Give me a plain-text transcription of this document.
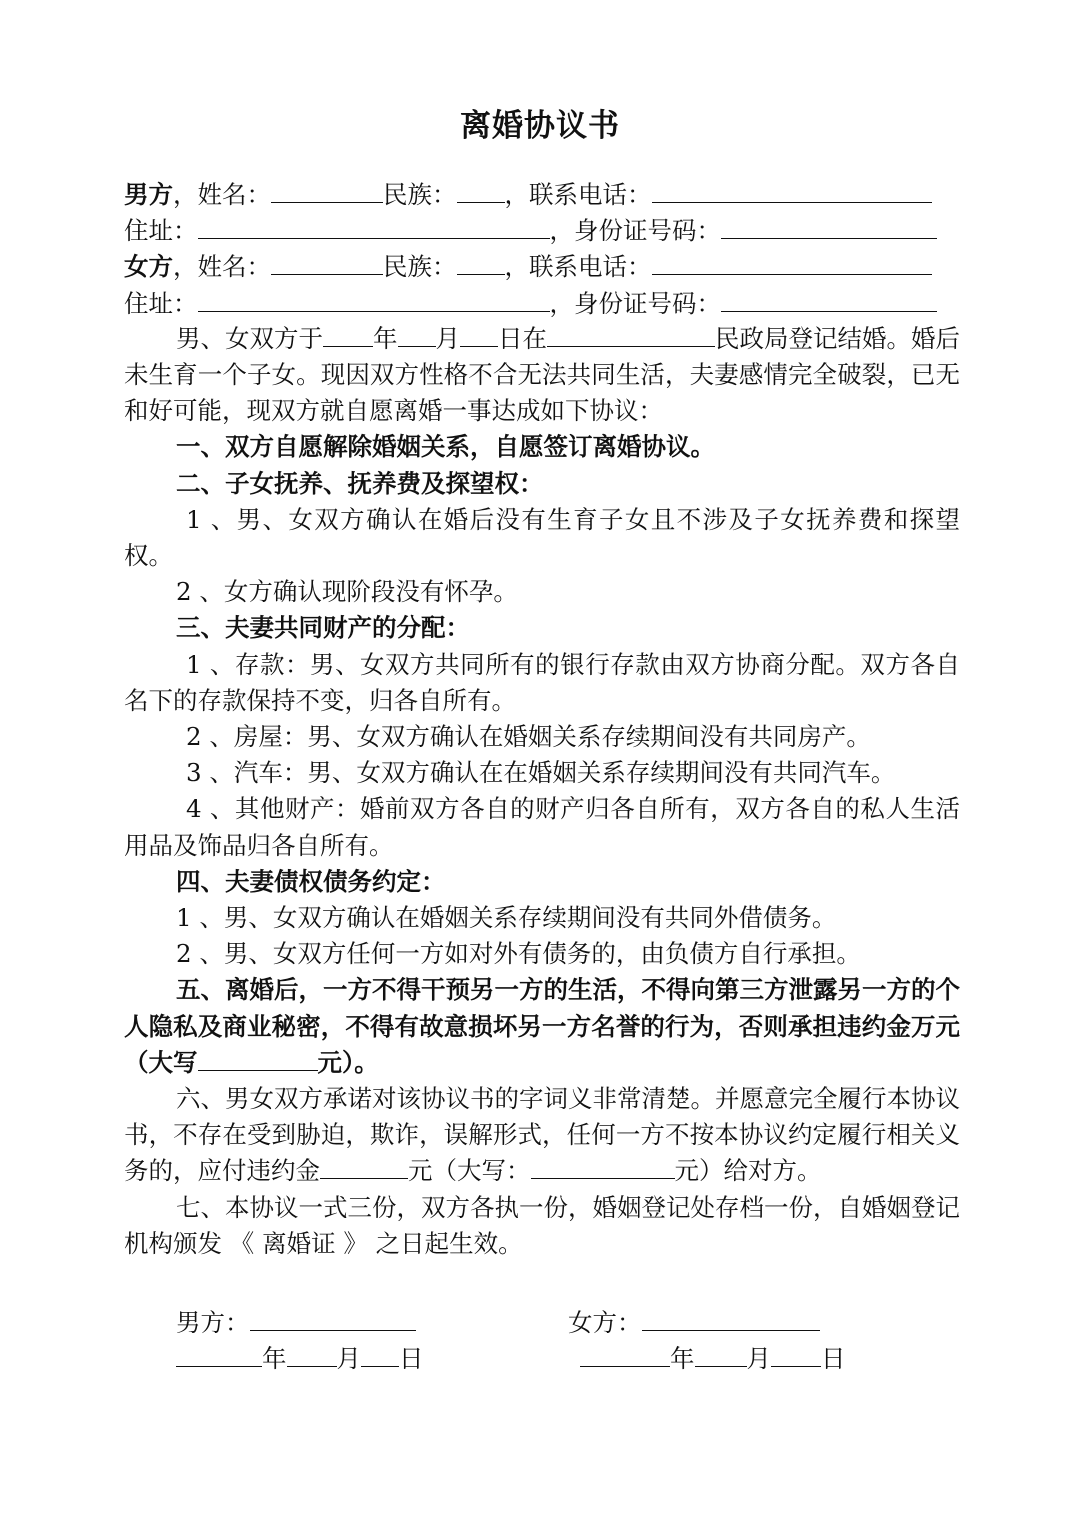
离婚协议书
男方，姓名：	民族： ，联系电话：
住址：	，身份证号码：
女方，姓名：	民族： ，联系电话：
住址：	，身份证号码：
男、女双方于 年 月 日在	民政局登记结婚。婚后未生育一个子女。现因双方性格不合无法共同生活，夫妻感情完全破裂，已无和好可能，现双方就自愿离婚一事达成如下协议：
一、双方自愿解除婚姻关系，自愿签订离婚协议。
二、子女抚养、抚养费及探望权：
1 、男、女双方确认在婚后没有生育子女且不涉及子女抚养费和探望权。
2 、女方确认现阶段没有怀孕。
三、夫妻共同财产的分配：
1 、存款：男、女双方共同所有的银行存款由双方协商分配。双方各自名下的存款保持不变，归各自所有。
2 、房屋：男、女双方确认在婚姻关系存续期间没有共同房产。
3 、汽车：男、女双方确认在在婚姻关系存续期间没有共同汽车。
4 、其他财产：婚前双方各自的财产归各自所有，双方各自的私人生活用品及饰品归各自所有。
四、夫妻债权债务约定：
1 、男、女双方确认在婚姻关系存续期间没有共同外借债务。
2 、男、女双方任何一方如对外有债务的，由负债方自行承担。
五、离婚后，一方不得干预另一方的生活，不得向第三方泄露另一方的个人隐私及商业秘密，不得有故意损坏另一方名誉的行为，否则承担违约金万元（大写	元）。
六、男女双方承诺对该协议书的字词义非常清楚。并愿意完全履行本协议书，不存在受到胁迫，欺诈，误解形式，任何一方不按本协议约定履行相关义务的，应付违约金	元（大写：	元）给对方。
七、本协议一式三份，双方各执一份，婚姻登记处存档一份，自婚姻登记机构颁发 《 离婚证 》 之日起生效。
男方：	女方：
年 月 日	年 月 日
